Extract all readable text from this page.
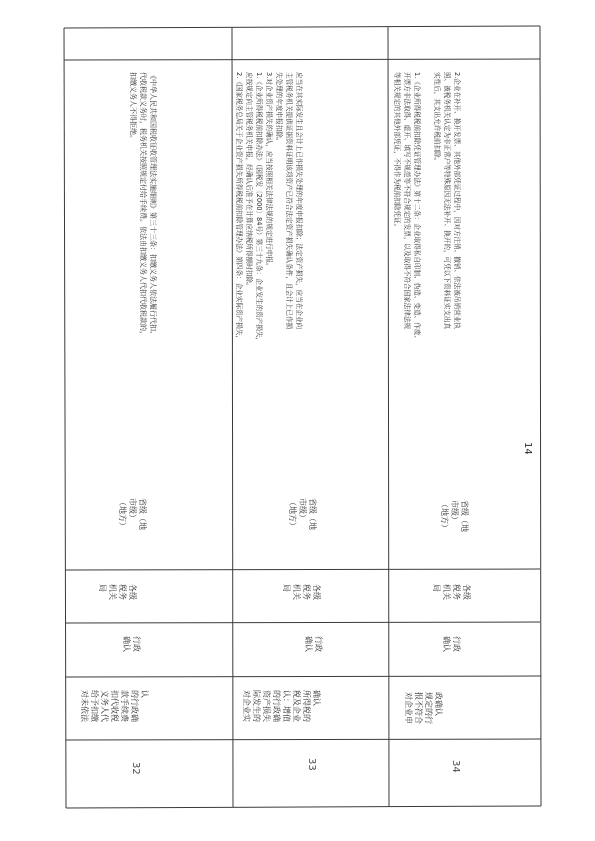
14
32
对未依法 给予扣缴 义务人代 扣代收税 款手续费 的行政确 认
行政
确认
各级
税务
机关
局
省级（地
市级）
（地方）
《中华人民共和国税收征收管理法实施细则》第三十三条：扣缴义务人依法履行代扣、
代收税款义务时，税务机关按照规定付给手续费。依法由扣缴义务人代扣代收税款的，
扣缴义务人不得拒绝。
33
对企业实 际发生的 资产损失 的行政确 认：增值 税及企业 所得税的 确认
行政
确认
各级
税务
机关
局
省级（地
市级）
（地方）
1.《企业所得税税前扣除办法》（国税发〔2000〕84号）第三十九条：企业发生的资产损失，
应按规定向主管税务机关申报，经确认后准予在计算应纳税所得额时扣除。
2.《国家税务总局关于企业资产损失所得税税前扣除管理办法》第四条：企业实际资产损失，	应当在其实际发生且会计上已作损失处理的年度申报扣除；法定资产损失，应当在企业向
主管税务机关提供证据资料证明该项资产已符合法定资产损失确认条件，且会计上已作损
失处理的年度申报扣除。
3.对企业资产损失的确认，应当按照相关法律法规的规定进行申报。
34
对企业申 报不符合 规定的行 政确认
行政
确认
各级
税务
机关
局
省级（地
市级）
（地方）
1.《企业所得税税前扣除凭证管理办法》第十二条：企业取得私自印制、伪造、变造、作废、
开票方非法取得、虚开、填写不规范等不符合规定的发票，以及取得不符合国家法律法规
等相关规定的其他外部凭证，不得作为税前扣除凭证。	2.企业在补开、换开发票、其他外部凭证过程中，因对方注销、撤销、依法被吊销营业执
照、被税务机关认定为非正常户等特殊原因无法补开、换开的，可凭以下资料证实支出真
实性后，其支出允许税前扣除。
